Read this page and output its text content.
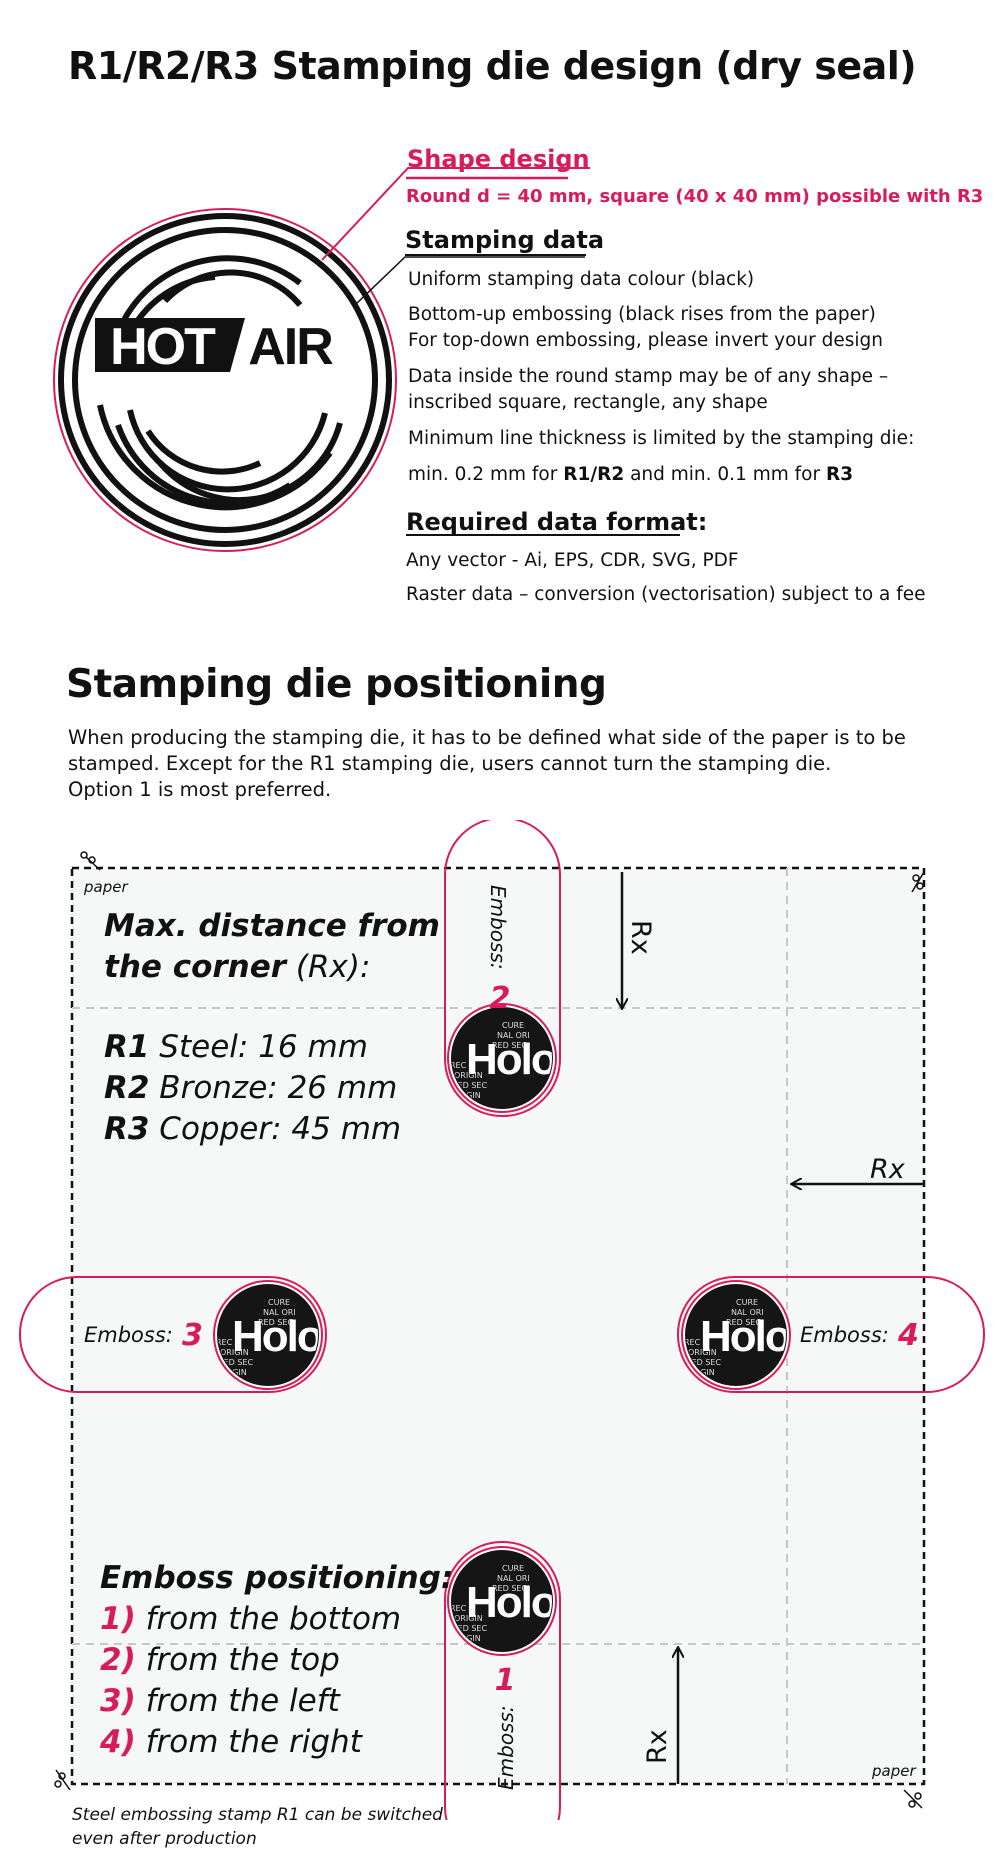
R1/R2/R3 Stamping die design (dry seal)
HOT AIR
Shape design
Round d = 40 mm, square (40 x 40 mm) possible with R3
Stamping data
Uniform stamping data colour (black)
Bottom-up embossing (black rises from the paper)
For top-down embossing, please invert your design
Data inside the round stamp may be of any shape –
inscribed square, rectangle, any shape
Minimum line thickness is limited by the stamping die:
min. 0.2 mm for R1/R2 and min. 0.1 mm for R3
Required data format:
Any vector - Ai, EPS, CDR, SVG, PDF
Raster data – conversion (vectorisation) subject to a fee
Stamping die positioning
When producing the stamping die, it has to be defined what side of the paper is to be
stamped. Except for the R1 stamping die, users cannot turn the stamping die.
Option 1 is most preferred.
Rx
Rx
Rx
Emboss:
2
1
Emboss:
Emboss: 3	Emboss: 4
paper
paper
Max. distance from
the corner (Rx):
R1 Steel: 16 mm
R2 Bronze: 26 mm
R3 Copper: 45 mm
Emboss positioning:
1) from the bottom
2) from the top
3) from the left
4) from the right
Steel embossing stamp R1 can be switched
even after production
